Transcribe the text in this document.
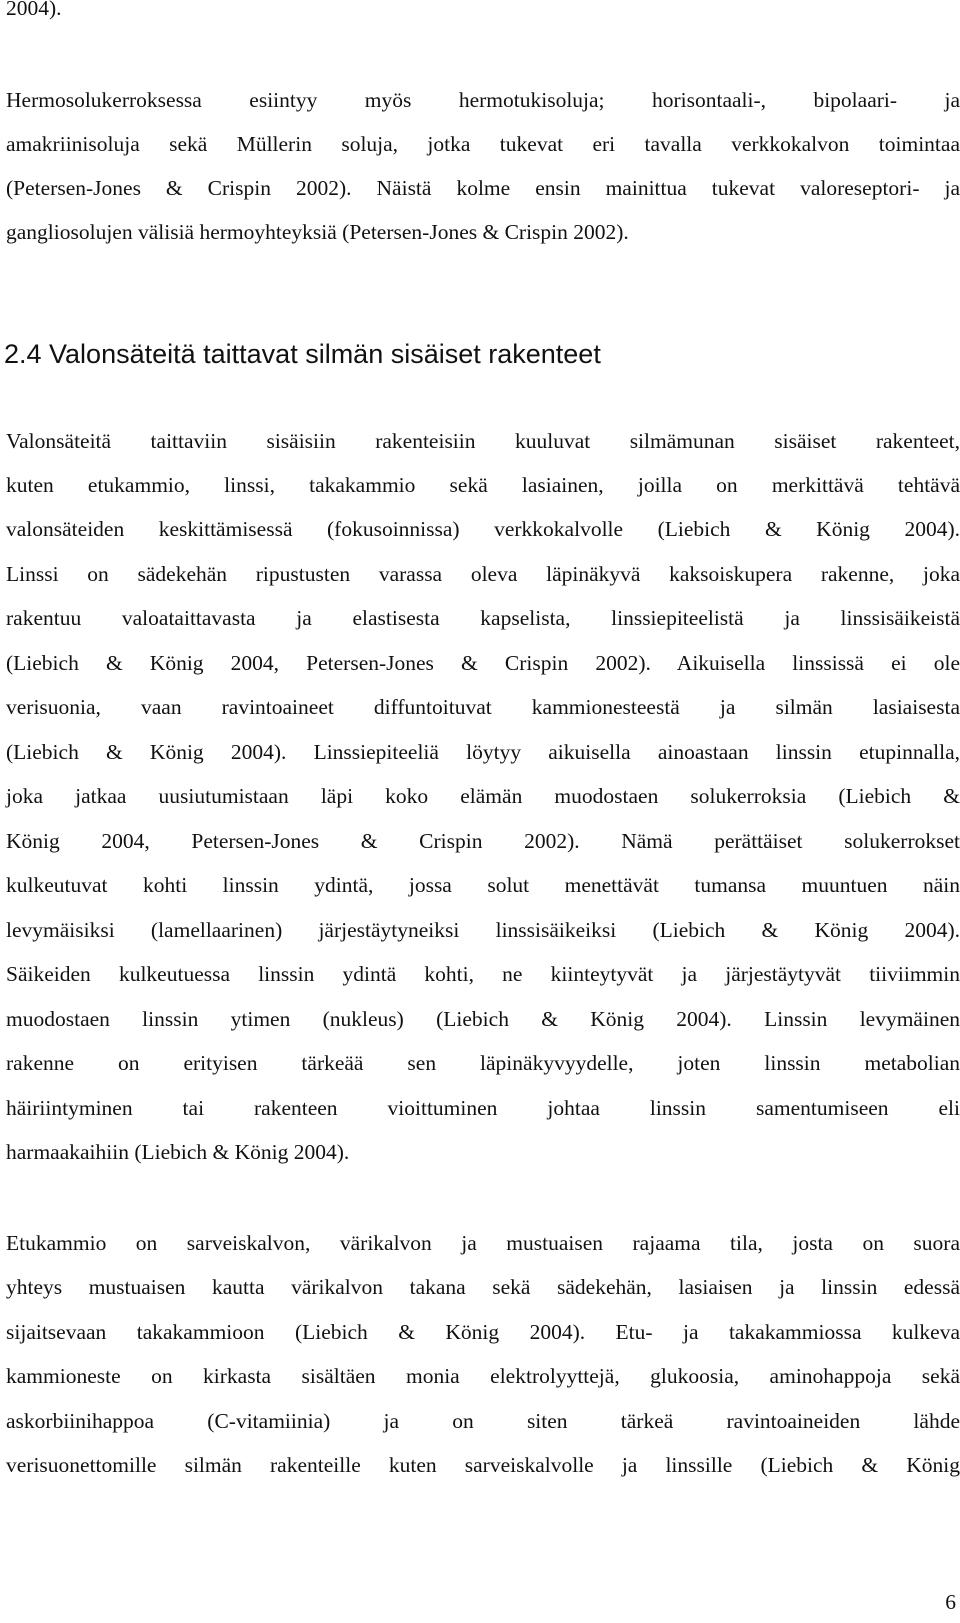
2004).
Hermosolukerroksessa esiintyy myös hermotukisoluja; horisontaali-, bipolaari- ja
amakriinisoluja sekä Müllerin soluja, jotka tukevat eri tavalla verkkokalvon toimintaa
(Petersen-Jones & Crispin 2002). Näistä kolme ensin mainittua tukevat valoreseptori- ja
gangliosolujen välisiä hermoyhteyksiä (Petersen-Jones & Crispin 2002).
2.4 Valonsäteitä taittavat silmän sisäiset rakenteet
Valonsäteitä taittaviin sisäisiin rakenteisiin kuuluvat silmämunan sisäiset rakenteet,
kuten etukammio, linssi, takakammio sekä lasiainen, joilla on merkittävä tehtävä
valonsäteiden keskittämisessä (fokusoinnissa) verkkokalvolle (Liebich & König 2004).
Linssi on sädekehän ripustusten varassa oleva läpinäkyvä kaksoiskupera rakenne, joka
rakentuu valoataittavasta ja elastisesta kapselista, linssiepiteelistä ja linssisäikeistä
(Liebich & König 2004, Petersen-Jones & Crispin 2002). Aikuisella linssissä ei ole
verisuonia, vaan ravintoaineet diffuntoituvat kammionesteestä ja silmän lasiaisesta
(Liebich & König 2004). Linssiepiteeliä löytyy aikuisella ainoastaan linssin etupinnalla,
joka jatkaa uusiutumistaan läpi koko elämän muodostaen solukerroksia (Liebich &
König 2004, Petersen-Jones & Crispin 2002). Nämä perättäiset solukerrokset
kulkeutuvat kohti linssin ydintä, jossa solut menettävät tumansa muuntuen näin
levymäisiksi (lamellaarinen) järjestäytyneiksi linssisäikeiksi (Liebich & König 2004).
Säikeiden kulkeutuessa linssin ydintä kohti, ne kiinteytyvät ja järjestäytyvät tiiviimmin
muodostaen linssin ytimen (nukleus) (Liebich & König 2004). Linssin levymäinen
rakenne on erityisen tärkeää sen läpinäkyvyydelle, joten linssin metabolian
häiriintyminen tai rakenteen vioittuminen johtaa linssin samentumiseen eli
harmaakaihiin (Liebich & König 2004).
Etukammio on sarveiskalvon, värikalvon ja mustuaisen rajaama tila, josta on suora
yhteys mustuaisen kautta värikalvon takana sekä sädekehän, lasiaisen ja linssin edessä
sijaitsevaan takakammioon (Liebich & König 2004). Etu- ja takakammiossa kulkeva
kammioneste on kirkasta sisältäen monia elektrolyyttejä, glukoosia, aminohappoja sekä
askorbiinihappoa (C-vitamiinia) ja on siten tärkeä ravintoaineiden lähde
verisuonettomille silmän rakenteille kuten sarveiskalvolle ja linssille (Liebich & König
6
